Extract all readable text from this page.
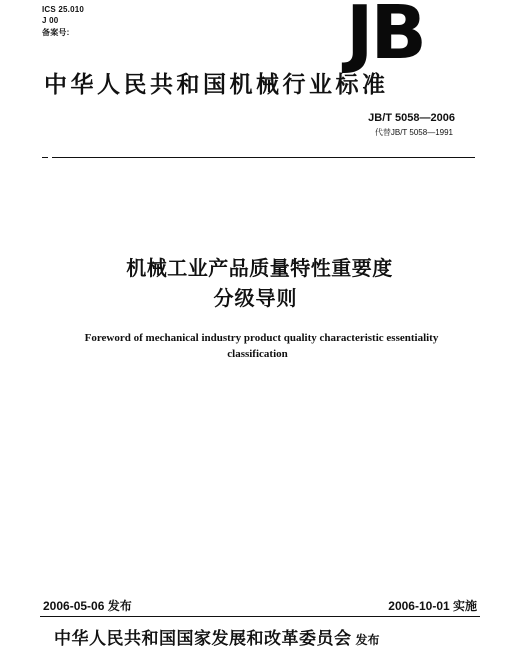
ICS 25.010
J 00
备案号:	JB
中华人民共和国机械行业标准
JB/T 5058—2006
代替JB/T 5058—1991
机械工业产品质量特性重要度
分级导则
Foreword of mechanical industry product quality characteristic essentiality
classification
2006-05-06 发布	2006-10-01 实施
中华人民共和国国家发展和改革委员会 发布
